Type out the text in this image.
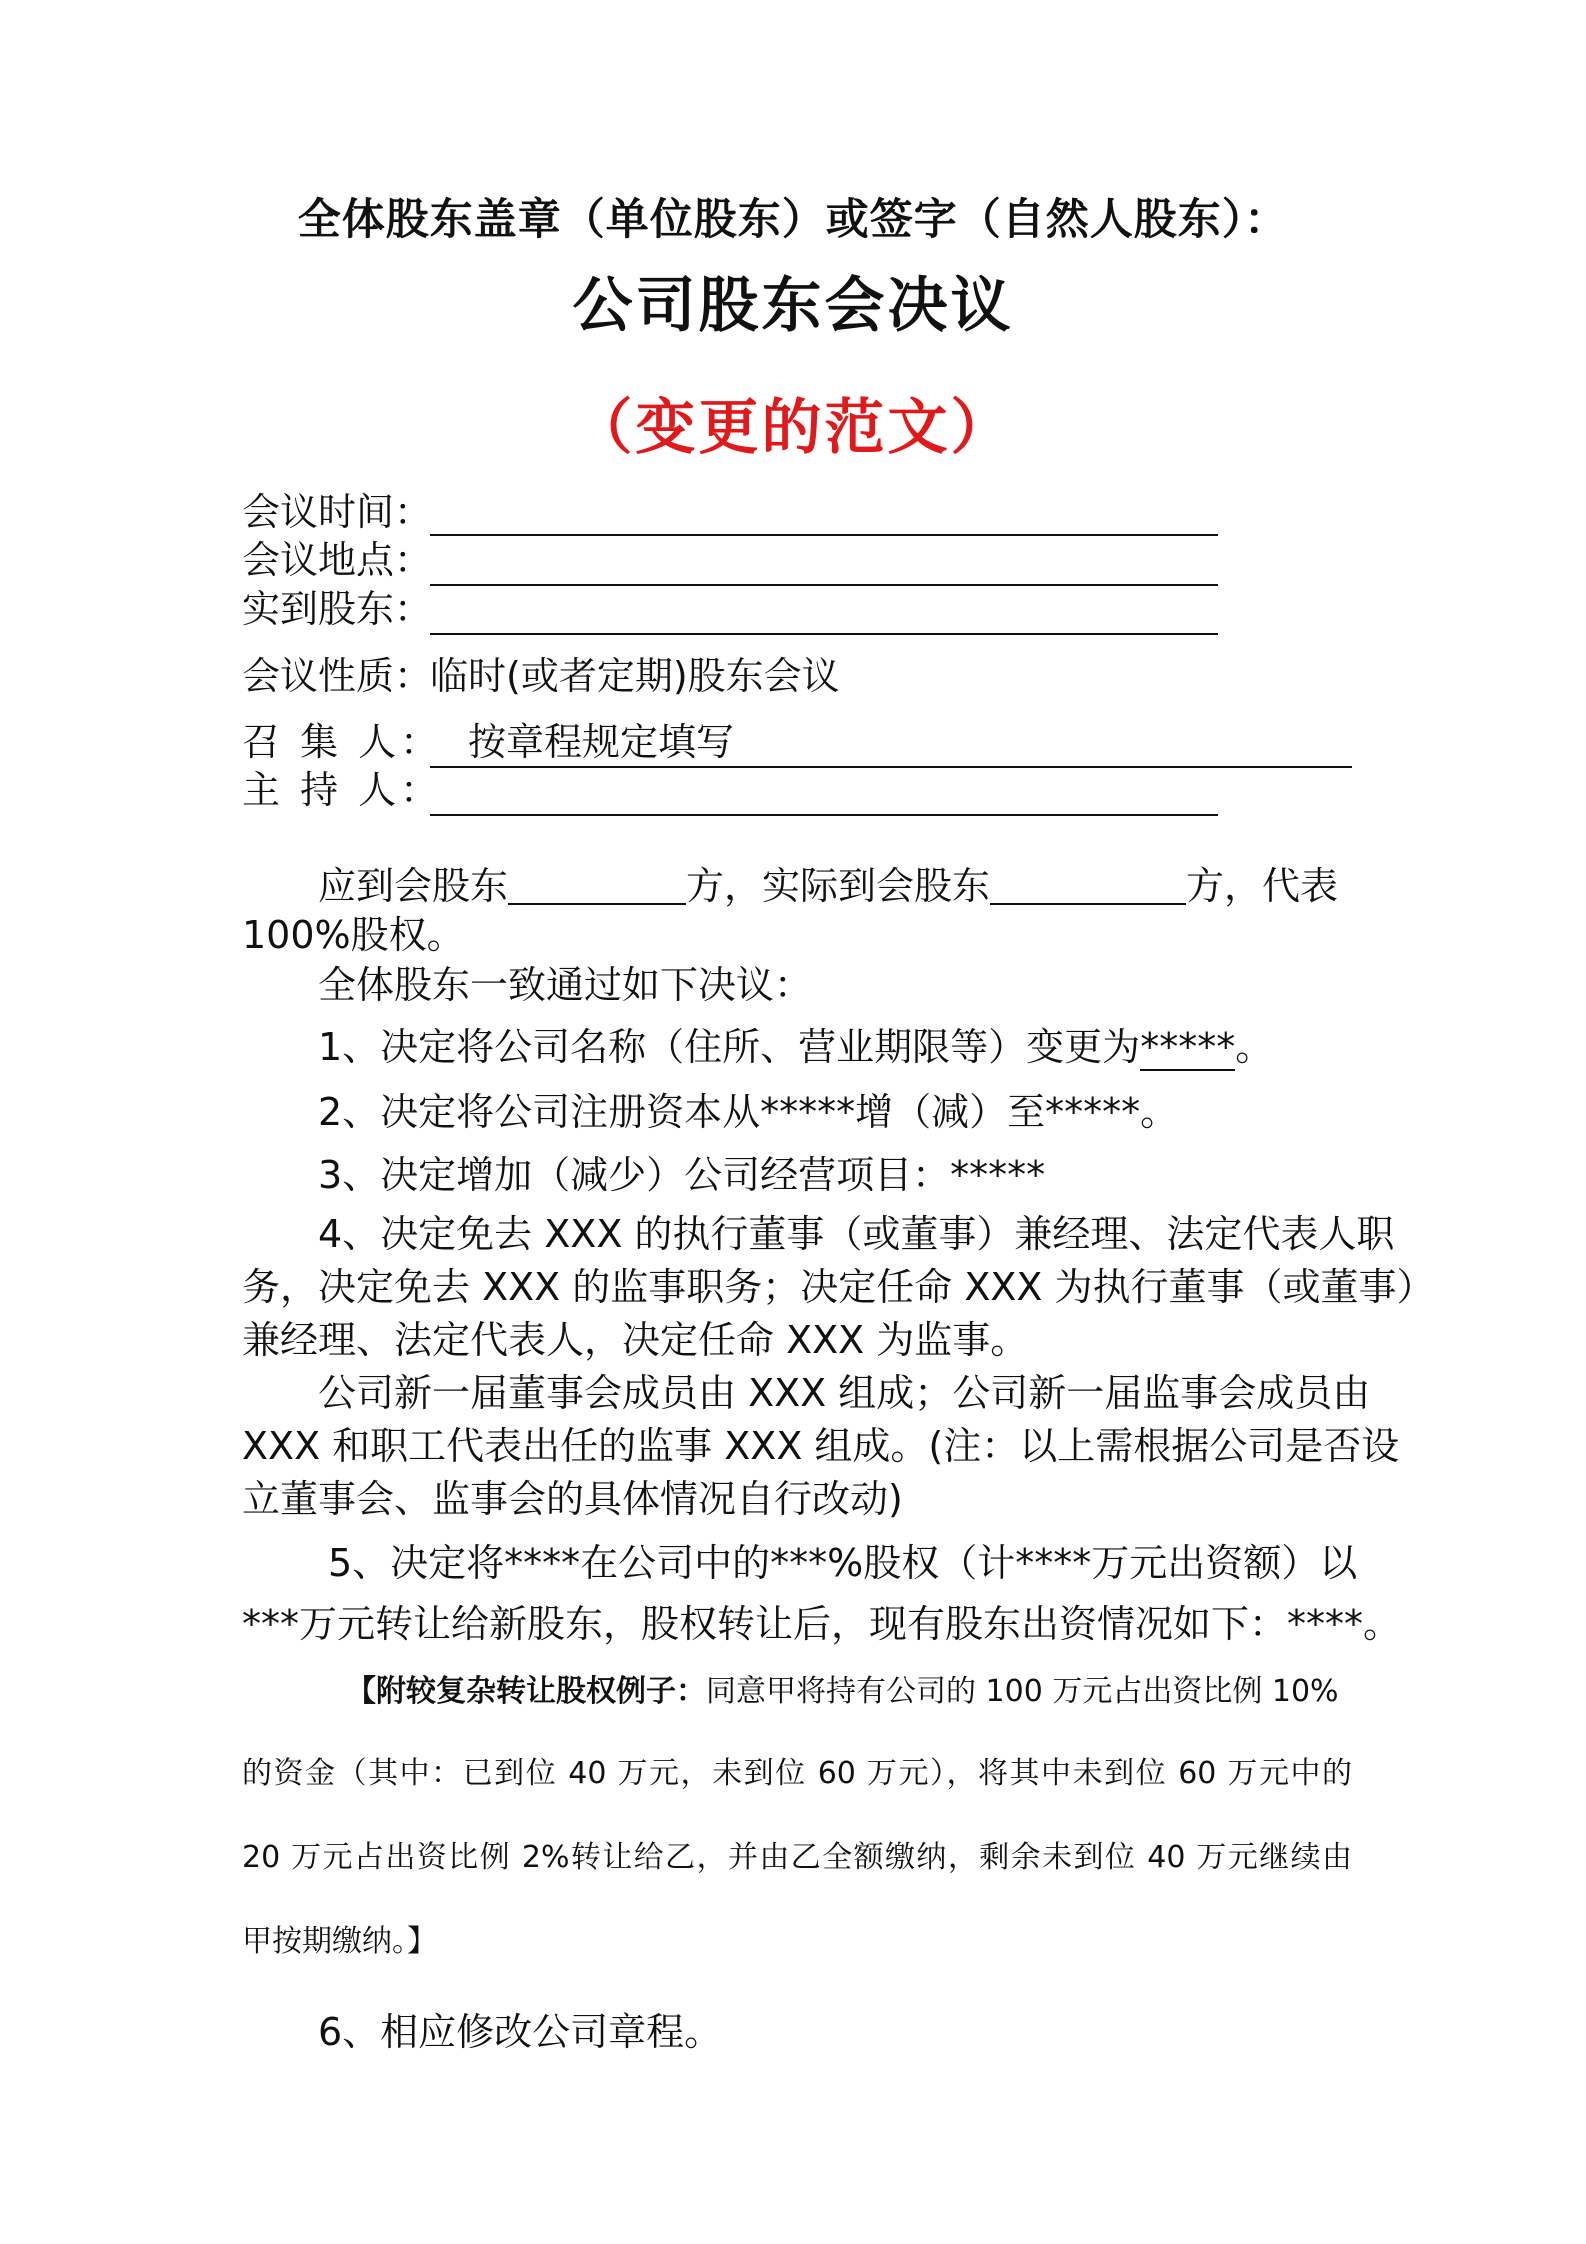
全体股东盖章（单位股东）或签字（自然人股东）：
公司股东会决议
（变更的范文）
会议时间：
会议地点：
实到股东：
会议性质：
临时(或者定期)股东会议
召 集 人： 按章程规定填写
主 持 人：
应到会股东	方，实际到会股东	方，代表
100%股权。
全体股东一致通过如下决议：
1、决定将公司名称（住所、营业期限等）变更为*****。
2、决定将公司注册资本从*****增（减）至*****。
3、决定增加（减少）公司经营项目：*****
4、决定免去 XXX 的执行董事（或董事）兼经理、法定代表人职
务，决定免去 XXX 的监事职务；决定任命 XXX 为执行董事（或董事）
兼经理、法定代表人，决定任命 XXX 为监事。
公司新一届董事会成员由 XXX 组成；公司新一届监事会成员由
XXX 和职工代表出任的监事 XXX 组成。(注：以上需根据公司是否设
立董事会、监事会的具体情况自行改动)
5、决定将****在公司中的***%股权（计****万元出资额）以
***万元转让给新股东，股权转让后，现有股东出资情况如下：****。
【附较复杂转让股权例子：同意甲将持有公司的 100 万元占出资比例 10%
的资金（其中：已到位 40 万元，未到位 60 万元），将其中未到位 60 万元中的
20 万元占出资比例 2%转让给乙，并由乙全额缴纳，剩余未到位 40 万元继续由
甲按期缴纳。】
6、相应修改公司章程。
